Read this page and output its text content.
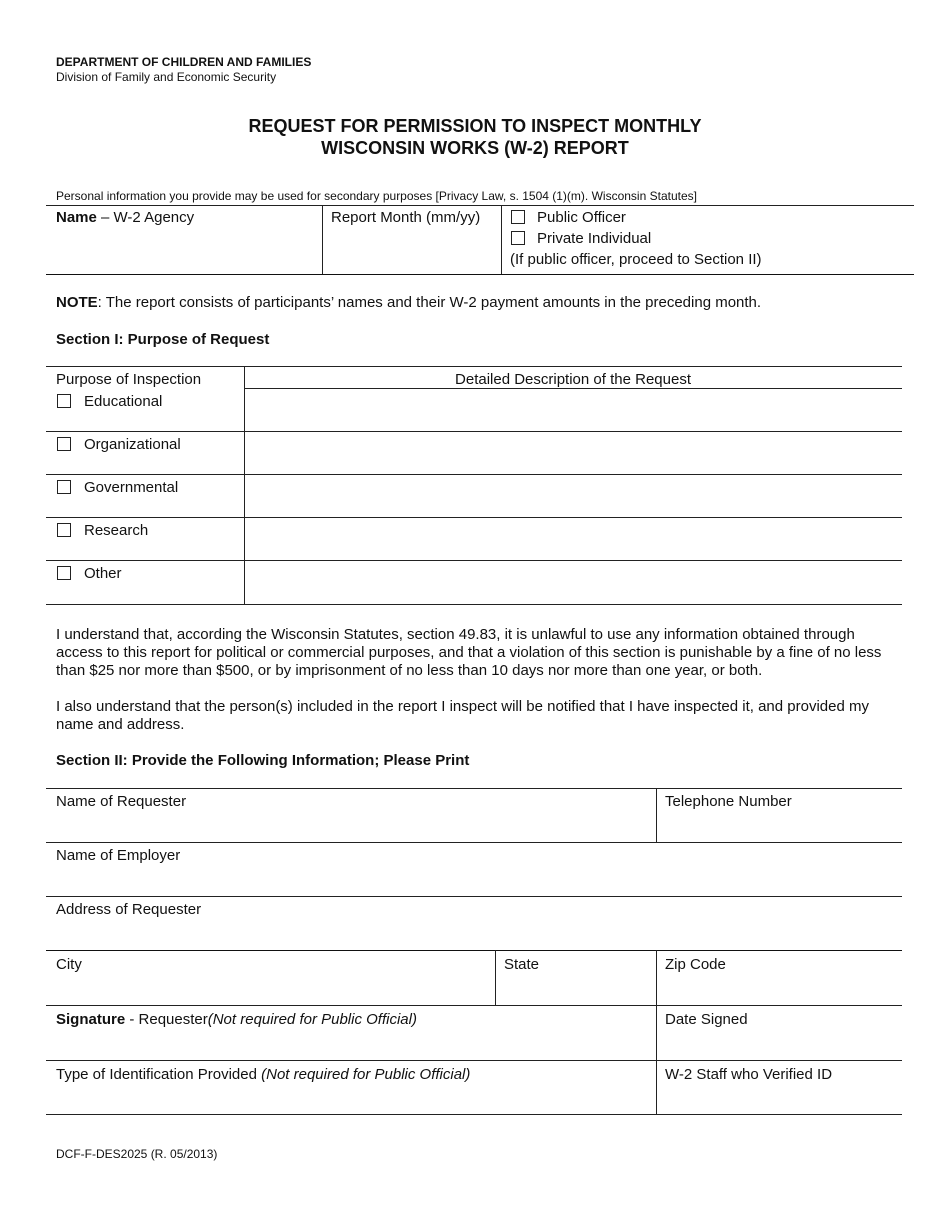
DEPARTMENT OF CHILDREN AND FAMILIES
Division of Family and Economic Security
REQUEST FOR PERMISSION TO INSPECT MONTHLY
WISCONSIN WORKS (W-2) REPORT
Personal information you provide may be used for secondary purposes [Privacy Law, s. 1504 (1)(m). Wisconsin Statutes]
Name – W-2 Agency	Report Month (mm/yy)	Public Officer
Private Individual
(If public officer, proceed to Section II)
NOTE: The report consists of participants’ names and their W-2 payment amounts in the preceding month.
Section I: Purpose of Request
Purpose of Inspection	Detailed Description of the Request
Educational
Organizational
Governmental
Research
Other
I understand that, according the Wisconsin Statutes, section 49.83, it is unlawful to use any information obtained through access to this report for political or commercial purposes, and that a violation of this section is punishable by a fine of no less than $25 nor more than $500, or by imprisonment of no less than 10 days nor more than one year, or both.
I also understand that the person(s) included in the report I inspect will be notified that I have inspected it, and provided my name and address.
Section II: Provide the Following Information; Please Print
Name of Requester	Telephone Number
Name of Employer
Address of Requester
City	State	Zip Code
Signature - Requester(Not required for Public Official)	Date Signed
Type of Identification Provided (Not required for Public Official)	W-2 Staff who Verified ID
DCF-F-DES2025 (R. 05/2013)
